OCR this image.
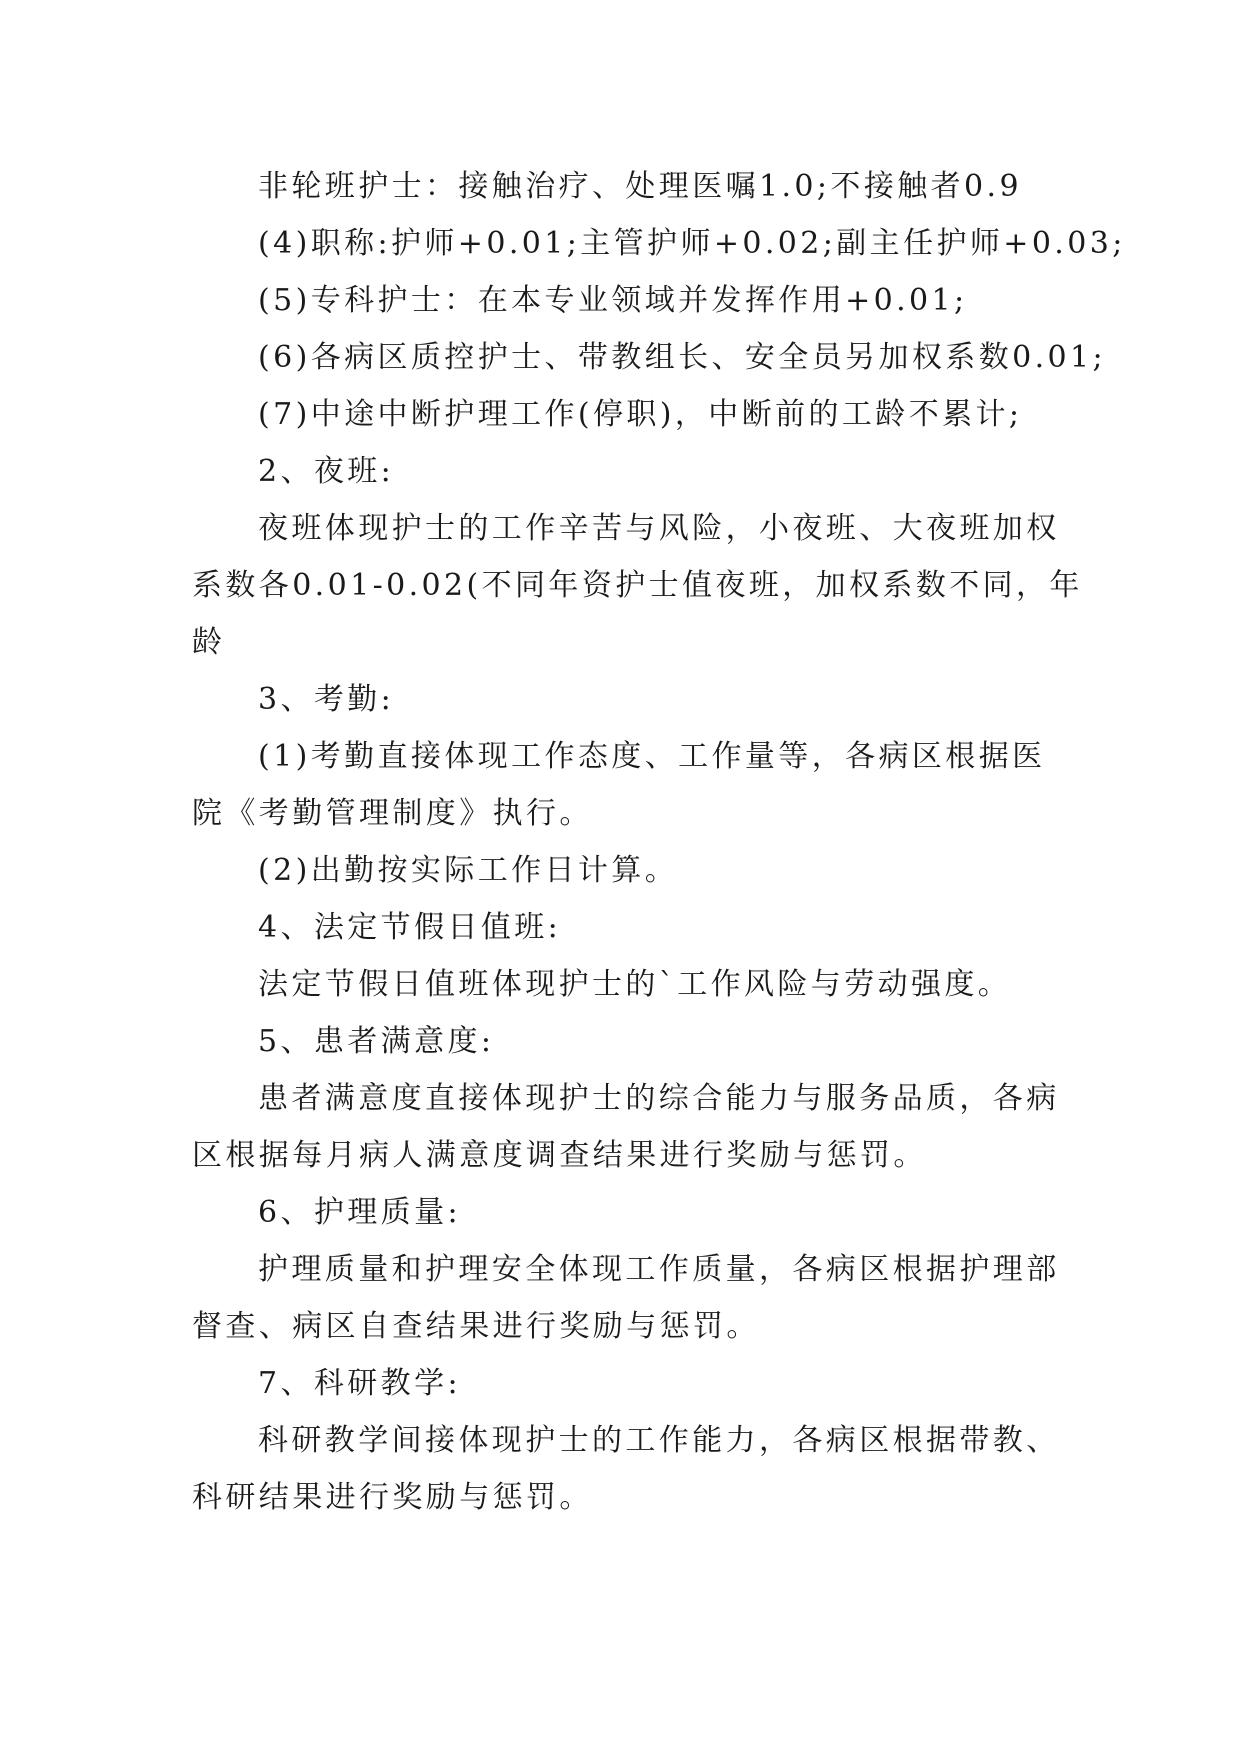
非轮班护士：接触治疗、处理医嘱1.0;不接触者0.9
(4)职称:护师+0.01;主管护师+0.02;副主任护师+0.03;
(5)专科护士：在本专业领域并发挥作用+0.01;
(6)各病区质控护士、带教组长、安全员另加权系数0.01;
(7)中途中断护理工作(停职)，中断前的工龄不累计;
2、夜班:
夜班体现护士的工作辛苦与风险，小夜班、大夜班加权
系数各0.01-0.02(不同年资护士值夜班，加权系数不同，年
龄
3、考勤:
(1)考勤直接体现工作态度、工作量等，各病区根据医
院《考勤管理制度》执行。
(2)出勤按实际工作日计算。
4、法定节假日值班:
法定节假日值班体现护士的`工作风险与劳动强度。
5、患者满意度:
患者满意度直接体现护士的综合能力与服务品质，各病
区根据每月病人满意度调查结果进行奖励与惩罚。
6、护理质量:
护理质量和护理安全体现工作质量，各病区根据护理部
督查、病区自查结果进行奖励与惩罚。
7、科研教学:
科研教学间接体现护士的工作能力，各病区根据带教、
科研结果进行奖励与惩罚。
